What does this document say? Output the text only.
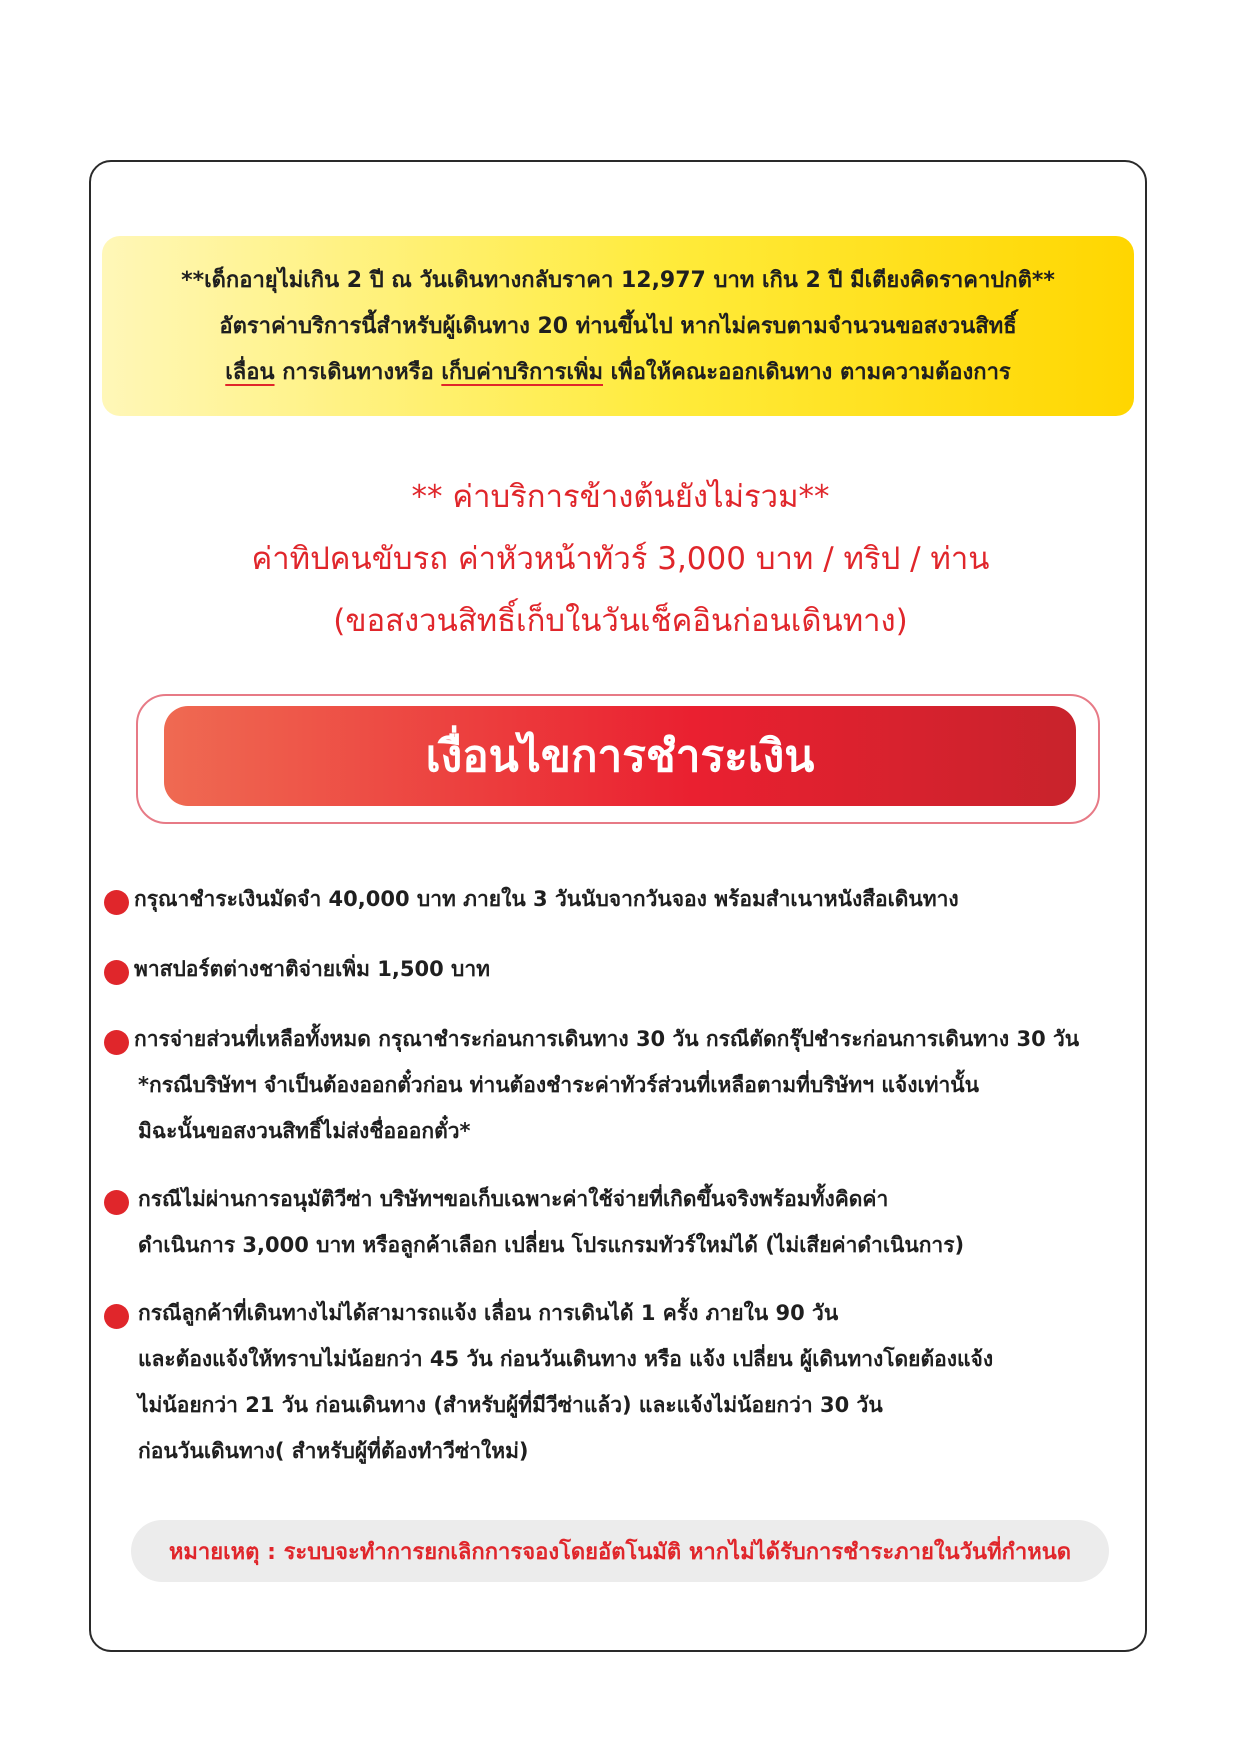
**เด็กอายุไม่เกิน 2 ปี ณ วันเดินทางกลับราคา 12,977 บาท เกิน 2 ปี มีเตียงคิดราคาปกติ**
อัตราค่าบริการนี้สำหรับผู้เดินทาง 20 ท่านขึ้นไป หากไม่ครบตามจำนวนขอสงวนสิทธิ์
เลื่อน การเดินทางหรือ เก็บค่าบริการเพิ่ม เพื่อให้คณะออกเดินทาง ตามความต้องการ
** ค่าบริการข้างต้นยังไม่รวม**
ค่าทิปคนขับรถ ค่าหัวหน้าทัวร์ 3,000 บาท / ทริป / ท่าน
(ขอสงวนสิทธิ์เก็บในวันเช็คอินก่อนเดินทาง)
เงื่อนไขการชำระเงิน
กรุณาชำระเงินมัดจำ 40,000 บาท ภายใน 3 วันนับจากวันจอง พร้อมสำเนาหนังสือเดินทาง
พาสปอร์ตต่างชาติจ่ายเพิ่ม 1,500 บาท
การจ่ายส่วนที่เหลือทั้งหมด กรุณาชำระก่อนการเดินทาง 30 วัน กรณีตัดกรุ๊ปชำระก่อนการเดินทาง 30 วัน
*กรณีบริษัทฯ จำเป็นต้องออกตั๋วก่อน ท่านต้องชำระค่าทัวร์ส่วนที่เหลือตามที่บริษัทฯ แจ้งเท่านั้น
มิฉะนั้นขอสงวนสิทธิ์ไม่ส่งชื่อออกตั๋ว*
กรณีไม่ผ่านการอนุมัติวีซ่า บริษัทฯขอเก็บเฉพาะค่าใช้จ่ายที่เกิดขึ้นจริงพร้อมทั้งคิดค่า
ดำเนินการ 3,000 บาท หรือลูกค้าเลือก เปลี่ยน โปรแกรมทัวร์ใหม่ได้ (ไม่เสียค่าดำเนินการ)
กรณีลูกค้าที่เดินทางไม่ได้สามารถแจ้ง เลื่อน การเดินได้ 1 ครั้ง ภายใน 90 วัน
และต้องแจ้งให้ทราบไม่น้อยกว่า 45 วัน ก่อนวันเดินทาง หรือ แจ้ง เปลี่ยน ผู้เดินทางโดยต้องแจ้ง
ไม่น้อยกว่า 21 วัน ก่อนเดินทาง (สำหรับผู้ที่มีวีซ่าแล้ว) และแจ้งไม่น้อยกว่า 30 วัน
ก่อนวันเดินทาง( สำหรับผู้ที่ต้องทำวีซ่าใหม่)
หมายเหตุ : ระบบจะทำการยกเลิกการจองโดยอัตโนมัติ หากไม่ได้รับการชำระภายในวันที่กำหนด
